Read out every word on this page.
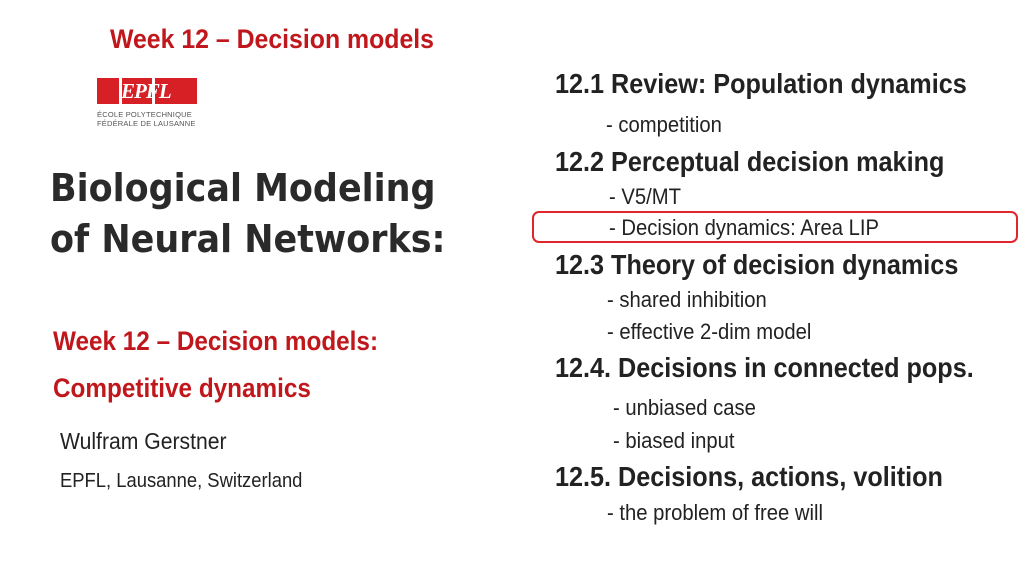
Week 12 – Decision models
EPFL
ÉCOLE POLYTECHNIQUE
FÉDÉRALE DE LAUSANNE
Biological Modeling
of Neural Networks:
Week 12 – Decision models:
Competitive dynamics
Wulfram Gerstner
EPFL, Lausanne, Switzerland
12.1 Review: Population dynamics
- competition
12.2 Perceptual decision making
- V5/MT
- Decision dynamics: Area LIP
12.3 Theory of decision dynamics
- shared inhibition
- effective 2-dim model
12.4. Decisions in connected pops.
- unbiased case
- biased input
12.5. Decisions, actions, volition
- the problem of free will
